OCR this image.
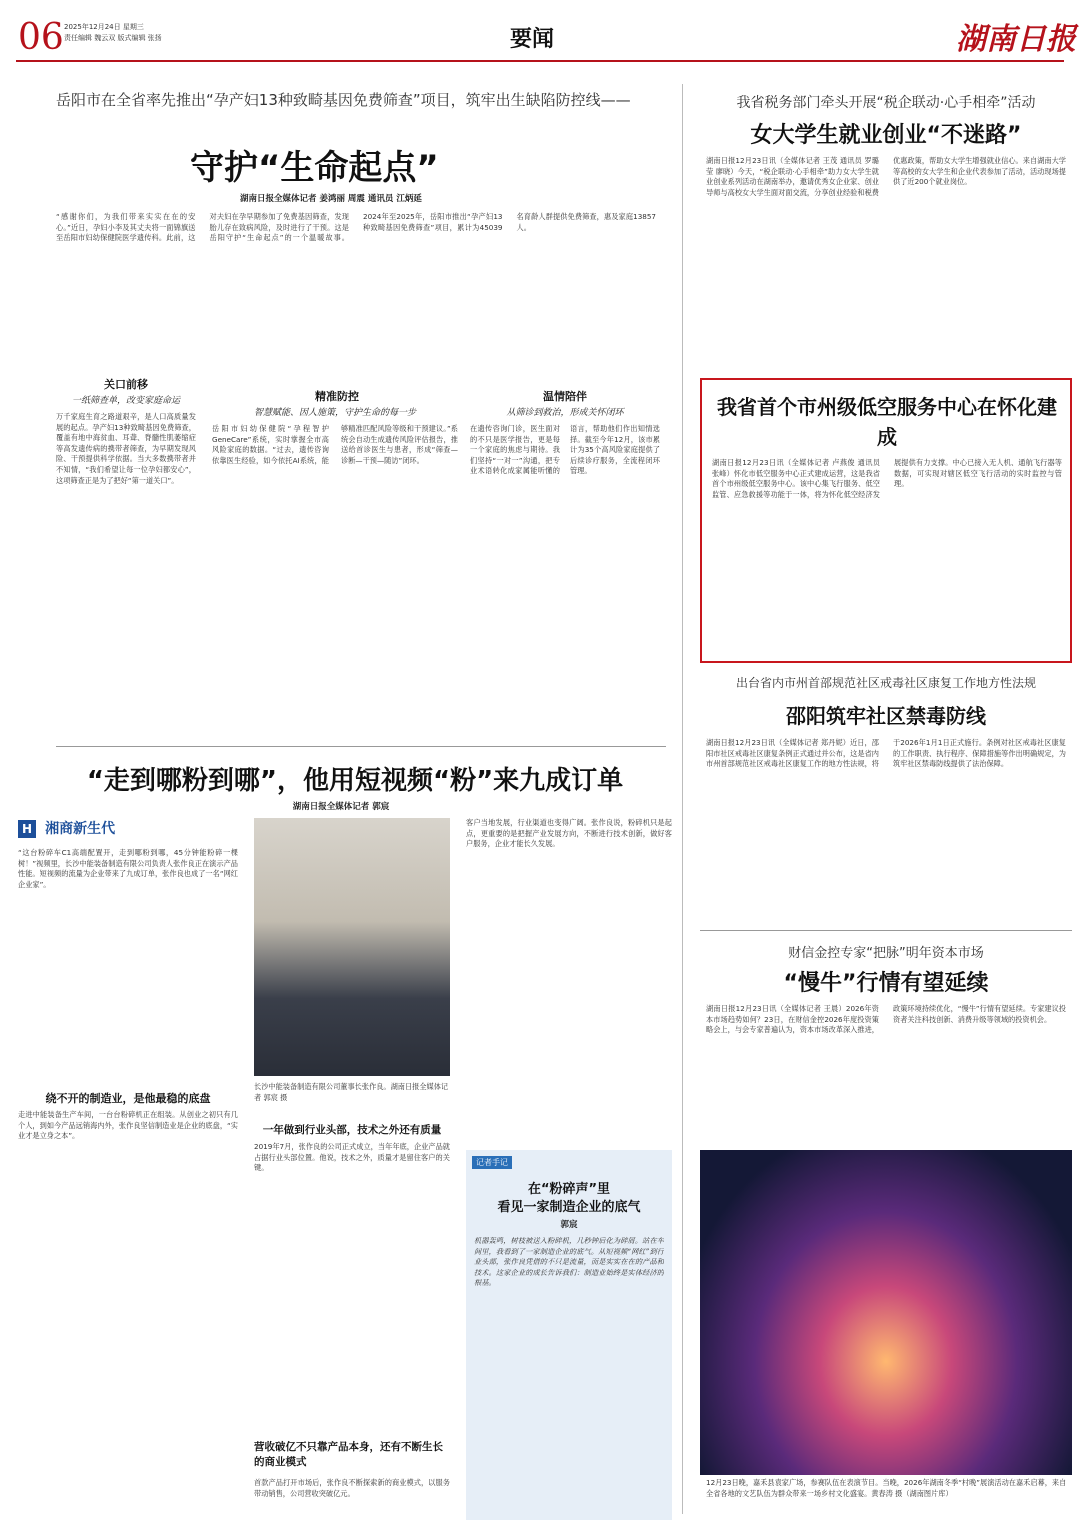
06 2025年12月24日 星期三
责任编辑 魏云双 版式编辑 张扬	要闻	湖南日报
岳阳市在全省率先推出“孕产妇13种致畸基因免费筛查”项目，筑牢出生缺陷防控线——
守护“生命起点”
湖南日报全媒体记者 姜鸿丽 周震 通讯员 江炳延
“感谢你们，为我们带来实实在在的安心。”近日，孕妇小李及其丈夫将一面锦旗送至岳阳市妇幼保健院医学遗传科。此前，这对夫妇在孕早期参加了免费基因筛查，发现胎儿存在致病风险，及时进行了干预。这是岳阳守护“生命起点”的一个温暖故事。2024年至2025年，岳阳市推出“孕产妇13种致畸基因免费筛查”项目，累计为45039名育龄人群提供免费筛查，惠及家庭13857人。
关口前移
一纸筛查单，改变家庭命运
万千家庭生育之路道艰辛，是人口高质量发展的起点。孕产妇13种致畸基因免费筛查，覆盖有地中海贫血、耳聋、脊髓性肌萎缩症等高发遗传病的携带者筛查，为早期发现风险、干预提供科学依据。当大多数携带者并不知情，“我们希望让每一位孕妇都安心”，这项筛查正是为了把好“第一道关口”。
精准防控
智慧赋能、因人施策，守护生命的每一步
岳阳市妇幼保健院“孕程智护GeneCare”系统，实时掌握全市高风险家庭的数据。“过去，遗传咨询依靠医生经验，如今依托AI系统，能够精准匹配风险等级和干预建议。”系统会自动生成遗传风险评估报告，推送给首诊医生与患者，形成“筛查—诊断—干预—随访”闭环。
温情陪伴
从筛诊到救治，形成关怀闭环
在遗传咨询门诊，医生面对的不只是医学报告，更是每一个家庭的焦虑与期待。我们坚持“一对一”沟通，把专业术语转化成家属能听懂的语言，帮助他们作出知情选择。截至今年12月，该市累计为35个高风险家庭提供了后续诊疗服务，全流程闭环管理。
我省税务部门牵头开展“税企联动·心手相牵”活动
女大学生就业创业“不迷路”
湖南日报12月23日讯（全媒体记者 王茂 通讯员 罗璐莹 廖晓）今天，“税企联动·心手相牵”助力女大学生就业创业系列活动在湖南举办，邀请优秀女企业家、创业导师与高校女大学生面对面交流，分享创业经验和税费优惠政策，帮助女大学生增强就业信心。来自湖南大学等高校的女大学生和企业代表参加了活动，活动现场提供了近200个就业岗位。
我省首个市州级低空服务中心在怀化建成
湖南日报12月23日讯（全媒体记者 卢燕俊 通讯员 张峰）怀化市低空服务中心正式建成运营，这是我省首个市州级低空服务中心。该中心集飞行服务、低空监管、应急救援等功能于一体，将为怀化低空经济发展提供有力支撑。中心已接入无人机、通航飞行器等数据，可实现对辖区低空飞行活动的实时监控与管理。
出台省内市州首部规范社区戒毒社区康复工作地方性法规
邵阳筑牢社区禁毒防线
湖南日报12月23日讯（全媒体记者 郑丹妮）近日，邵阳市社区戒毒社区康复条例正式通过并公布，这是省内市州首部规范社区戒毒社区康复工作的地方性法规，将于2026年1月1日正式施行。条例对社区戒毒社区康复的工作职责、执行程序、保障措施等作出明确规定，为筑牢社区禁毒防线提供了法治保障。
财信金控专家“把脉”明年资本市场
“慢牛”行情有望延续
湖南日报12月23日讯（全媒体记者 王晨）2026年资本市场趋势如何？23日，在财信金控2026年度投资策略会上，与会专家普遍认为，资本市场改革深入推进，政策环境持续优化，“慢牛”行情有望延续。专家建议投资者关注科技创新、消费升级等领域的投资机会。
12月23日晚，嘉禾县袁家广场，参赛队伍在表演节目。当晚，2026年湖南冬季“村晚”展演活动在嘉禾启幕，来自全省各地的文艺队伍为群众带来一场乡村文化盛宴。黄春涛 摄（湖南图片库）
“走到哪粉到哪”，他用短视频“粉”来九成订单
湖南日报全媒体记者 郭宸
H 湘商新生代
“这台粉碎车C1高端配置开，走到哪粉到哪，45分钟能粉碎一棵树！”视频里，长沙中能装备制造有限公司负责人张作良正在演示产品性能。短视频的流量为企业带来了九成订单，张作良也成了一名“网红企业家”。
绕不开的制造业，是他最稳的底盘
走进中能装备生产车间，一台台粉碎机正在组装。从创业之初只有几个人，到如今产品远销海内外，张作良坚信制造业是企业的底盘，“实业才是立身之本”。
长沙中能装备制造有限公司董事长张作良。湖南日报全媒体记者 郭宸 摄
一年做到行业头部，技术之外还有质量
2019年7月，张作良的公司正式成立，当年年底，企业产品就占据行业头部位置。他说，技术之外，质量才是留住客户的关键。
营收破亿不只靠产品本身，还有不断生长的商业模式
首款产品打开市场后，张作良不断探索新的商业模式，以服务带动销售，公司营收突破亿元。
客户当地发展，行业渠道也变得广阔。张作良说，粉碎机只是起点，更重要的是把握产业发展方向，不断进行技术创新，做好客户服务，企业才能长久发展。
记者手记
在“粉碎声”里
看见一家制造企业的底气
郭宸
机器轰鸣，树枝被送入粉碎机，几秒钟后化为碎屑。站在车间里，我看到了一家制造企业的底气。从短视频“网红”到行业头部，张作良凭借的不只是流量，而是实实在在的产品和技术。这家企业的成长告诉我们：制造业始终是实体经济的根基。
